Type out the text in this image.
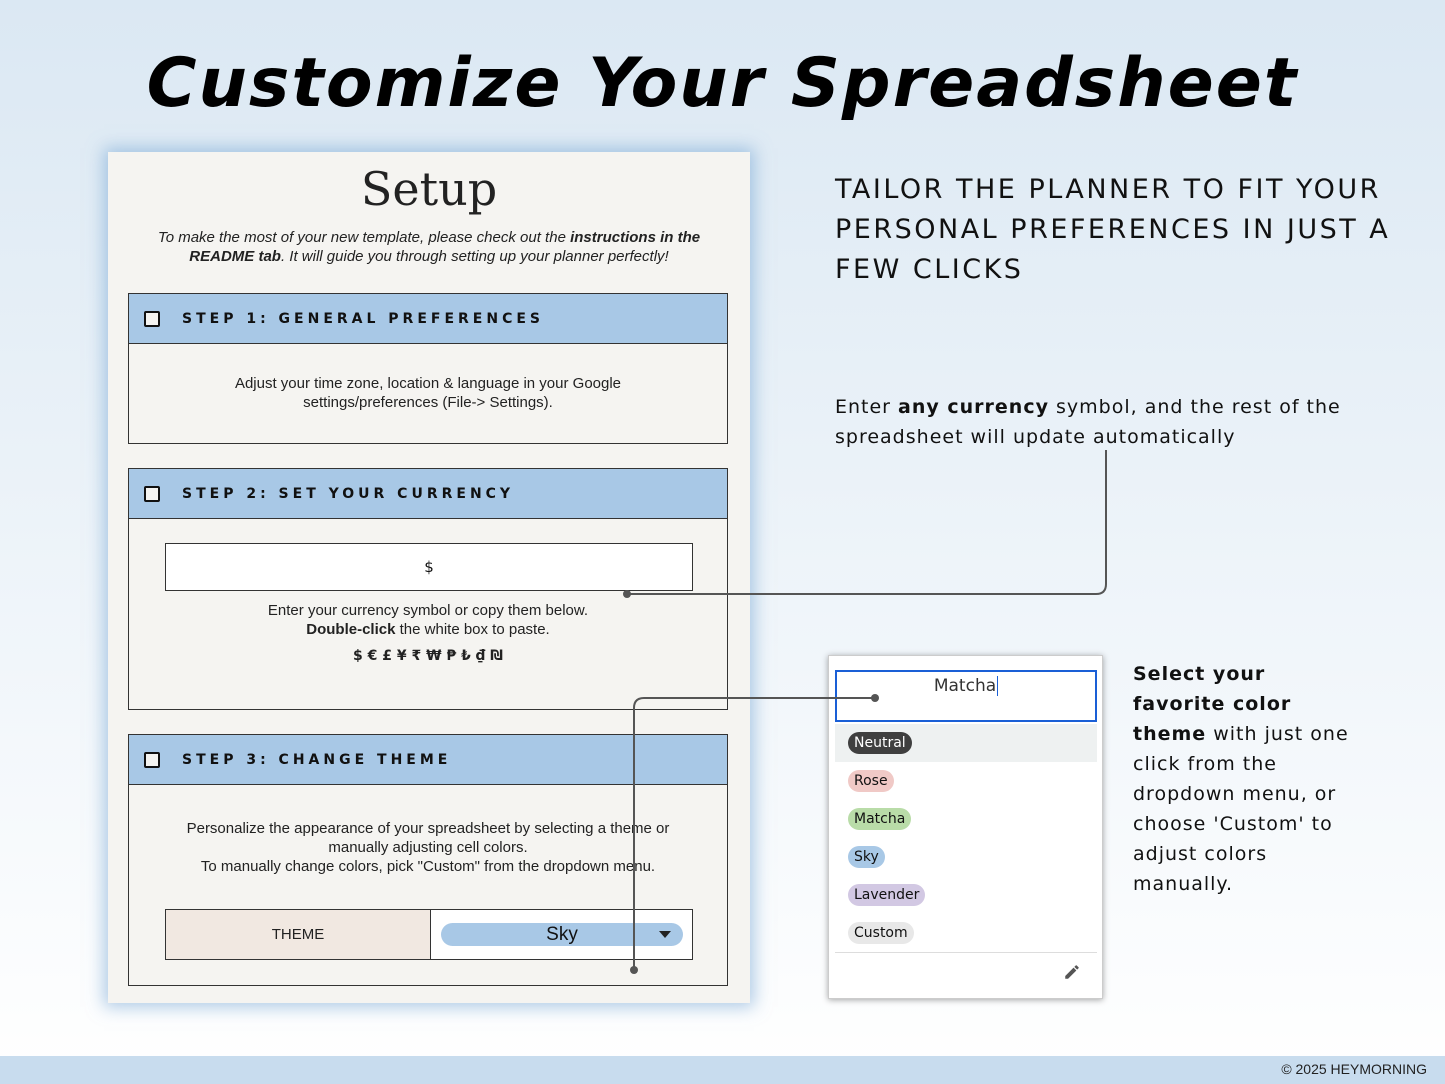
Customize Your Spreadsheet
Setup
To make the most of your new template, please check out the instructions in the README tab. It will guide you through setting up your planner perfectly!
STEP 1: GENERAL PREFERENCES
Adjust your time zone, location & language in your Google
settings/preferences (File-> Settings).
STEP 2: SET YOUR CURRENCY
$
Enter your currency symbol or copy them below.
Double-click the white box to paste.
$ € £ ¥ ₹ ₩ ₱ ₺ ₫ ₪
STEP 3: CHANGE THEME
Personalize the appearance of your spreadsheet by selecting a theme or
manually adjusting cell colors.
To manually change colors, pick "Custom" from the dropdown menu.
THEME	Sky
TAILOR THE PLANNER TO FIT YOUR PERSONAL PREFERENCES IN JUST A FEW CLICKS
Enter any currency symbol, and the rest of the spreadsheet will update automatically
Select your favorite color theme with just one click from the dropdown menu, or choose 'Custom' to adjust colors manually.
Matcha
Neutral
Rose
Matcha
Sky
Lavender
Custom
© 2025 HEYMORNING
